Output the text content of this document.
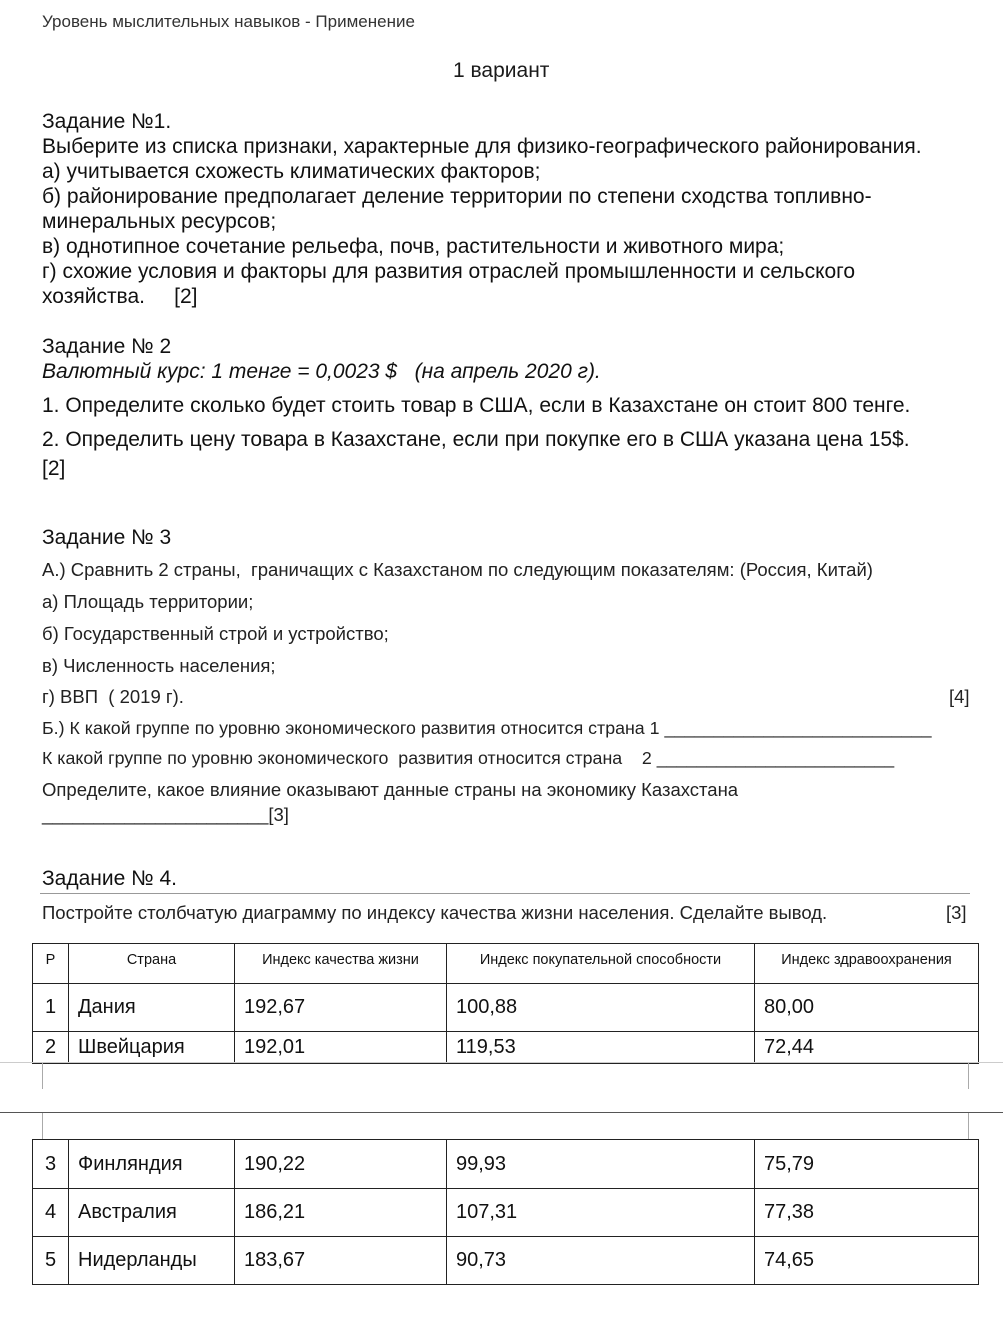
Уровень мыслительных навыков - Применение
1 вариант
Задание №1.
Выберите из списка признаки, характерные для физико-географического районирования.
а) учитывается схожесть климатических факторов;
б) районирование предполагает деление территории по степени сходства топливно-
минеральных ресурсов;
в) однотипное сочетание рельефа, почв, растительности и животного мира;
г) схожие условия и факторы для развития отраслей промышленности и сельского
хозяйства.     [2]
Задание № 2
Валютный курс: 1 тенге = 0,0023 $   (на апрель 2020 г).
1. Определите сколько будет стоить товар в США, если в Казахстане он стоит 800 тенге.
2. Определить цену товара в Казахстане, если при покупке его в США указана цена 15$.
[2]
Задание № 3
А.) Сравнить 2 страны,  граничащих с Казахстаном по следующим показателям: (Россия, Китай)
а) Площадь территории;
б) Государственный строй и устройство;
в) Численность населения;
г) ВВП  ( 2019 г).	[4]
Б.) К какой группе по уровню экономического развития относится страна 1 ___________________________
К какой группе по уровню экономического  развития относится страна    2 ________________________
Определите, какое влияние оказывают данные страны на экономику Казахстана
______________________[3]
Задание № 4.
Постройте столбчатую диаграмму по индексу качества жизни населения. Сделайте вывод.	[3]
Р	Страна	Индекс качества жизни	Индекс покупательной способности	Индекс здравоохранения
1	Дания	192,67	100,88	80,00
2	Швейцария	192,01	119,53	72,44
3	Финляндия	190,22	99,93	75,79
4	Австралия	186,21	107,31	77,38
5	Нидерланды	183,67	90,73	74,65
